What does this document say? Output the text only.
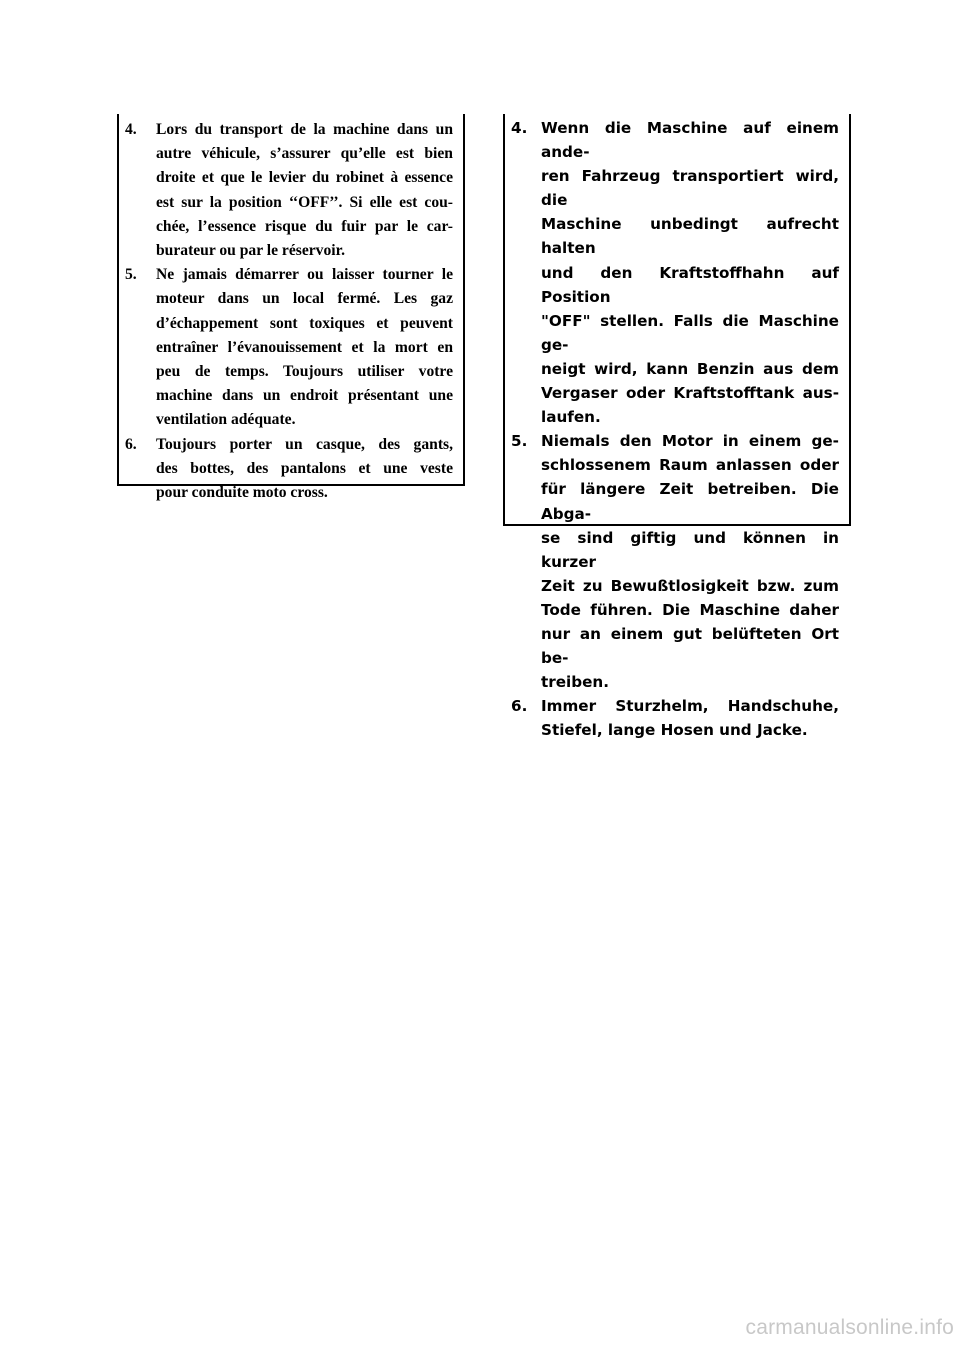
4.	Lors du transport de la machine dans un
autre véhicule, s’assurer qu’elle est bien
droite et que le levier du robinet à essence
est sur la position ‘‘OFF’’. Si elle est cou-
chée, l’essence risque du fuir par le car-
burateur ou par le réservoir.
5.	Ne jamais démarrer ou laisser tourner le
moteur dans un local fermé. Les gaz
d’échappement sont toxiques et peuvent
entraîner l’évanouissement et la mort en
peu de temps. Toujours utiliser votre
machine dans un endroit présentant une
ventilation adéquate.
6.	Toujours porter un casque, des gants,
des bottes, des pantalons et une veste
pour conduite moto cross.
4. Wenn die Maschine auf einem ande-
ren Fahrzeug transportiert wird, die
Maschine unbedingt aufrecht halten
und den Kraftstoffhahn auf Position
"OFF" stellen. Falls die Maschine ge-
neigt wird, kann Benzin aus dem
Vergaser oder Kraftstofftank aus-
laufen.
5. Niemals den Motor in einem ge-
schlossenem Raum anlassen oder
für längere Zeit betreiben. Die Abga-
se sind giftig und können in kurzer
Zeit zu Bewußtlosigkeit bzw. zum
Tode führen. Die Maschine daher
nur an einem gut belüfteten Ort be-
treiben.
6. Immer Sturzhelm, Handschuhe,
Stiefel, lange Hosen und Jacke.
carmanualsonline.info
